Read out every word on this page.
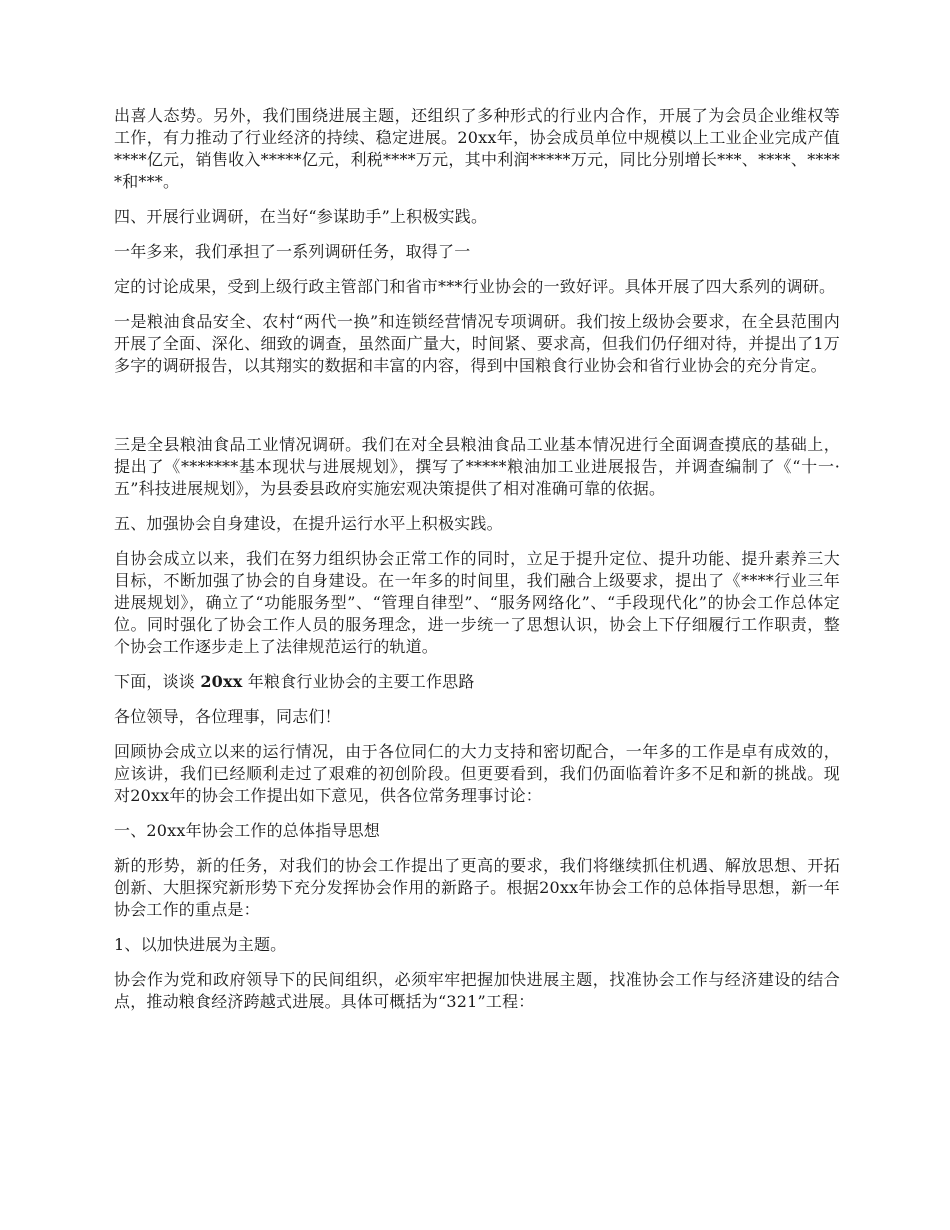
出喜人态势。另外，我们围绕进展主题，还组织了多种形式的行业内合作，开展了为会员企业维权等工作，有力推动了行业经济的持续、稳定进展。20xx年，协会成员单位中规模以上工业企业完成产值****亿元，销售收入*****亿元，利税****万元，其中利润*****万元，同比分别增长***、****、*****和***。

四、开展行业调研，在当好“参谋助手”上积极实践。

一年多来，我们承担了一系列调研任务，取得了一

定的讨论成果，受到上级行政主管部门和省市***行业协会的一致好评。具体开展了四大系列的调研。

一是粮油食品安全、农村“两代一换”和连锁经营情况专项调研。我们按上级协会要求，在全县范围内开展了全面、深化、细致的调查，虽然面广量大，时间紧、要求高，但我们仍仔细对待，并提出了1万多字的调研报告，以其翔实的数据和丰富的内容，得到中国粮食行业协会和省行业协会的充分肯定。

三是全县粮油食品工业情况调研。我们在对全县粮油食品工业基本情况进行全面调查摸底的基础上，提出了《*******基本现状与进展规划》，撰写了*****粮油加工业进展报告，并调查编制了《“十一·五”科技进展规划》，为县委县政府实施宏观决策提供了相对准确可靠的依据。

五、加强协会自身建设，在提升运行水平上积极实践。

自协会成立以来，我们在努力组织协会正常工作的同时，立足于提升定位、提升功能、提升素养三大目标，不断加强了协会的自身建设。在一年多的时间里，我们融合上级要求，提出了《****行业三年进展规划》，确立了“功能服务型”、“管理自律型”、“服务网络化”、“手段现代化”的协会工作总体定位。同时强化了协会工作人员的服务理念，进一步统一了思想认识，协会上下仔细履行工作职责，整个协会工作逐步走上了法律规范运行的轨道。

下面，谈谈 20xx 年粮食行业协会的主要工作思路

各位领导，各位理事，同志们！

回顾协会成立以来的运行情况，由于各位同仁的大力支持和密切配合，一年多的工作是卓有成效的，应该讲，我们已经顺利走过了艰难的初创阶段。但更要看到，我们仍面临着许多不足和新的挑战。现对20xx年的协会工作提出如下意见，供各位常务理事讨论：

一、20xx年协会工作的总体指导思想

新的形势，新的任务，对我们的协会工作提出了更高的要求，我们将继续抓住机遇、解放思想、开拓创新、大胆探究新形势下充分发挥协会作用的新路子。根据20xx年协会工作的总体指导思想，新一年协会工作的重点是：

1、以加快进展为主题。

协会作为党和政府领导下的民间组织，必须牢牢把握加快进展主题，找准协会工作与经济建设的结合点，推动粮食经济跨越式进展。具体可概括为“321”工程：
